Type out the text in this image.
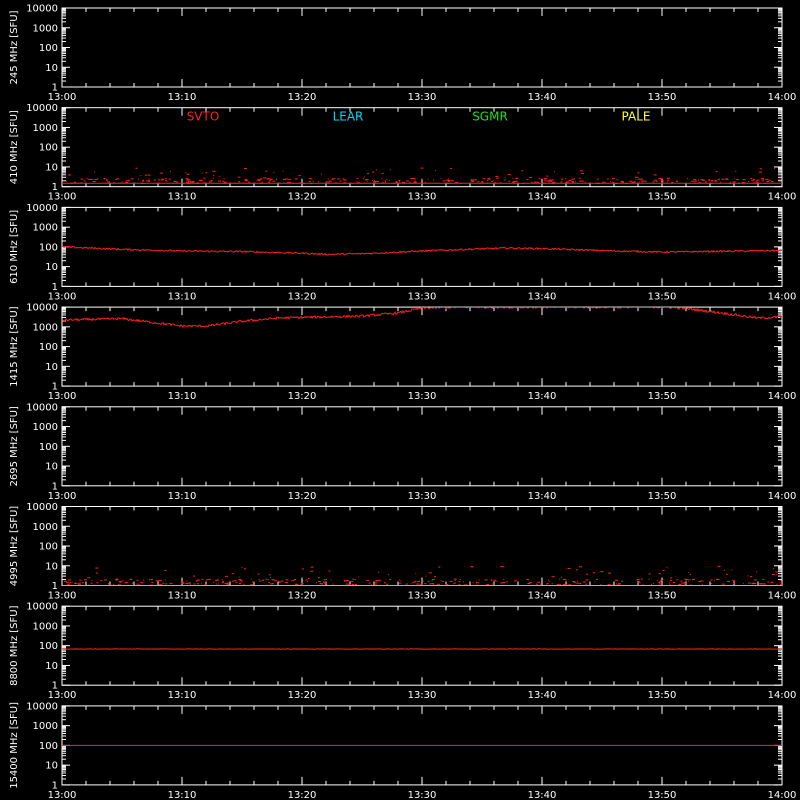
1
10
100
1000
10000
245 MHz [SFU]
13:00	13:10	13:20	13:30	13:40	13:50	14:00
1
10
100
1000
10000
410 MHz [SFU]
13:00	13:10	13:20	13:30	13:40	13:50	14:00
SVTO	LEAR	SGMR	PALE
1
10
100
1000
10000
610 MHz [SFU]
13:00	13:10	13:20	13:30	13:40	13:50	14:00
1
10
100
1000
10000
1415 MHz [SFU]
13:00	13:10	13:20	13:30	13:40	13:50	14:00
1
10
100
1000
10000
2695 MHz [SFU]
13:00	13:10	13:20	13:30	13:40	13:50	14:00
1
10
100
1000
10000
4995 MHz [SFU]
13:00	13:10	13:20	13:30	13:40	13:50	14:00
1
10
100
1000
10000
8800 MHz [SFU]
13:00	13:10	13:20	13:30	13:40	13:50	14:00
1
10
100
1000
10000
15400 MHz [SFU]
13:00	13:10	13:20	13:30	13:40	13:50	14:00
